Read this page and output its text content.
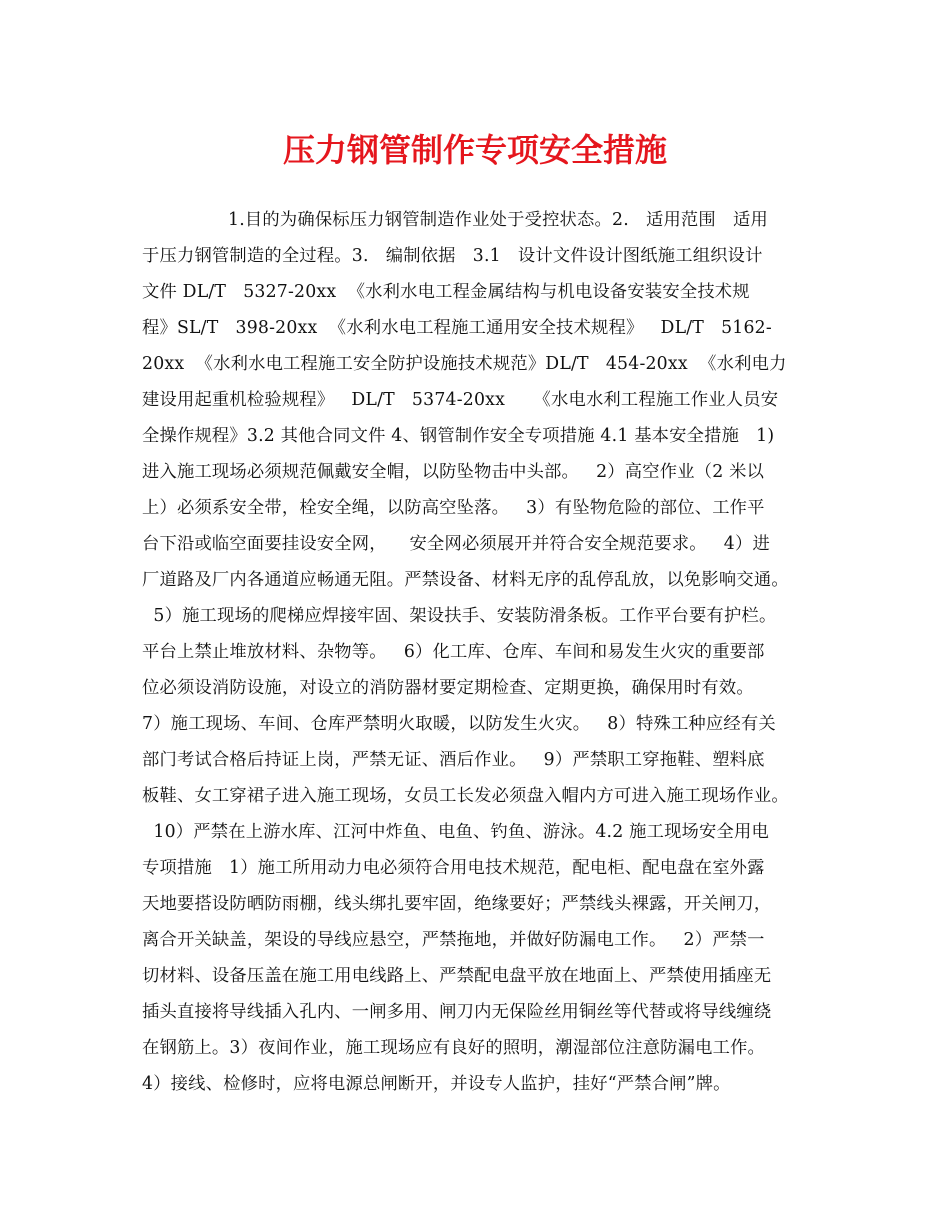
压力钢管制作专项安全措施
1.目的为确保标压力钢管制造作业处于受控状态。2.   适用范围   适用
于压力钢管制造的全过程。3.   编制依据   3.1   设计文件设计图纸施工组织设计
文件 DL/T   5327-20xx  《水利水电工程金属结构与机电设备安装安全技术规
程》SL/T   398-20xx  《水利水电工程施工通用安全技术规程》   DL/T   5162-
20xx  《水利水电工程施工安全防护设施技术规范》DL/T   454-20xx  《水利电力
建设用起重机检验规程》   DL/T   5374-20xx     《水电水利工程施工作业人员安
全操作规程》3.2 其他合同文件 4、钢管制作安全专项措施 4.1 基本安全措施   1)
进入施工现场必须规范佩戴安全帽，以防坠物击中头部。   2）高空作业（2 米以
上）必须系安全带，栓安全绳，以防高空坠落。   3）有坠物危险的部位、工作平
台下沿或临空面要挂设安全网，    安全网必须展开并符合安全规范要求。   4）进
厂道路及厂内各通道应畅通无阻。严禁设备、材料无序的乱停乱放，以免影响交通。
5）施工现场的爬梯应焊接牢固、架设扶手、安装防滑条板。工作平台要有护栏。
平台上禁止堆放材料、杂物等。   6）化工库、仓库、车间和易发生火灾的重要部
位必须设消防设施，对设立的消防器材要定期检查、定期更换，确保用时有效。
7）施工现场、车间、仓库严禁明火取暖，以防发生火灾。   8）特殊工种应经有关
部门考试合格后持证上岗，严禁无证、酒后作业。   9）严禁职工穿拖鞋、塑料底
板鞋、女工穿裙子进入施工现场，女员工长发必须盘入帽内方可进入施工现场作业。
10）严禁在上游水库、江河中炸鱼、电鱼、钓鱼、游泳。4.2 施工现场安全用电
专项措施   1）施工所用动力电必须符合用电技术规范，配电柜、配电盘在室外露
天地要搭设防晒防雨棚，线头绑扎要牢固，绝缘要好；严禁线头裸露，开关闸刀，
离合开关缺盖，架设的导线应悬空，严禁拖地，并做好防漏电工作。   2）严禁一
切材料、设备压盖在施工用电线路上、严禁配电盘平放在地面上、严禁使用插座无
插头直接将导线插入孔内、一闸多用、闸刀内无保险丝用铜丝等代替或将导线缠绕
在钢筋上。3）夜间作业，施工现场应有良好的照明，潮湿部位注意防漏电工作。
4）接线、检修时，应将电源总闸断开，并设专人监护，挂好“严禁合闸”牌。
